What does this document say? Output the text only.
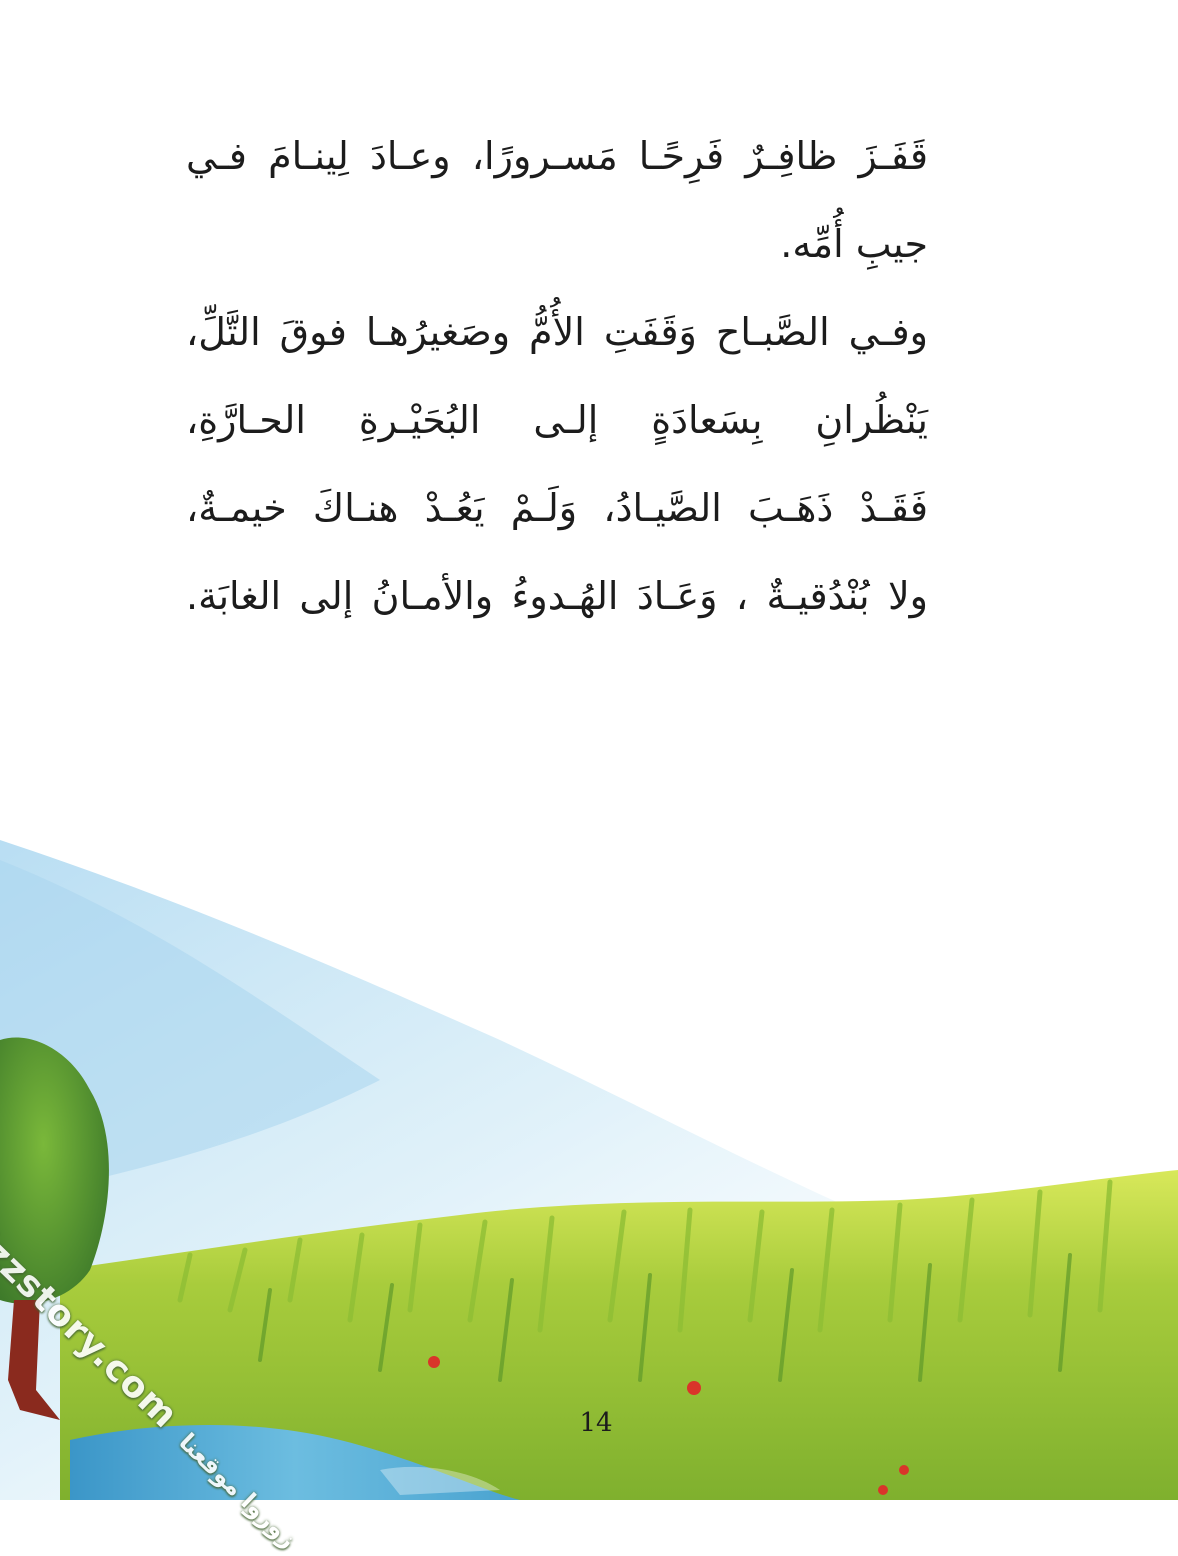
قَفَـزَ ظافِـرٌ فَرِحًـا مَسـرورًا، وعـادَ لِينـامَ فـي
جيبِ أُمِّه.

وفـي الصَّبـاح وَقَفَتِ الأُمُّ وصَغيرُهـا فوقَ التَّلِّ،
يَنْظُرانِ بِسَعادَةٍ إلـى البُحَيْـرةِ الحـارَّةِ،
فَقَـدْ ذَهَـبَ الصَّيـادُ، وَلَـمْ يَعُـدْ هنـاكَ خيمـةٌ،
ولا بُنْدُقيـةٌ ، وَعَـادَ الهُـدوءُ والأمـانُ إلى الغابَة.

14
زوروا موقعنا
